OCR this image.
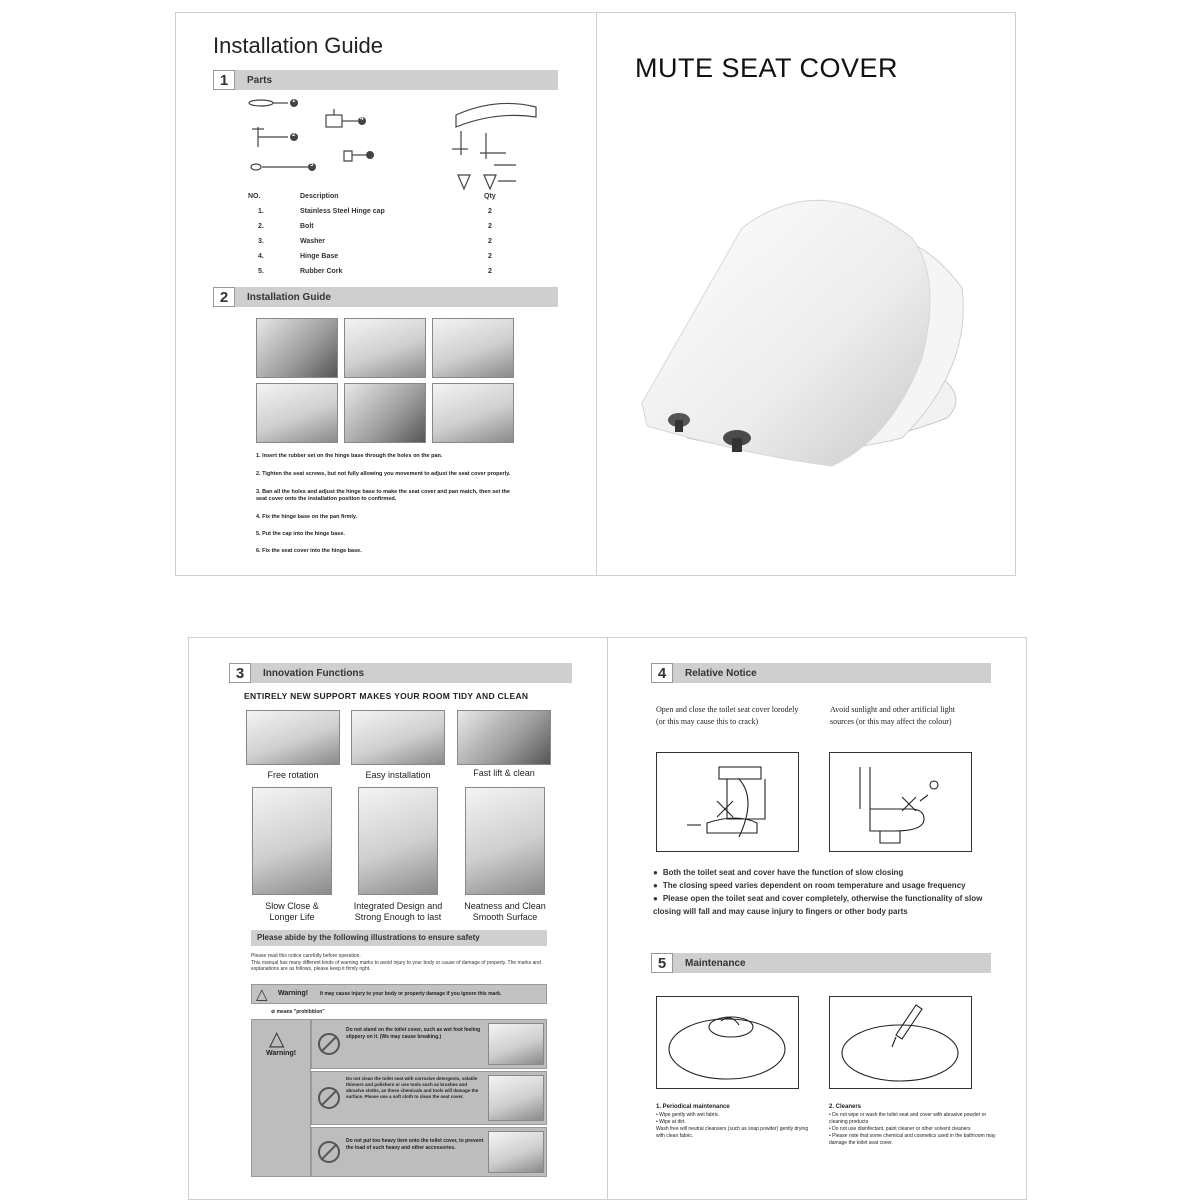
Installation Guide
1	Parts
1
2
3
4
5
NO.	Description	Qty
1.	Stainless Steel Hinge cap	2
2.	Bolt	2
3.	Washer	2
4.	Hinge Base	2
5.	Rubber Cork	2
2	Installation Guide
1. Insert the rubber set on the hinge base through the holes on the pan.
2. Tighten the seat screws, but not fully allowing you movement to adjust the seat cover properly.
3. Ban all the holes and adjust the hinge base to make the seat cover and pan match, then set the seat cover onto the installation position to confirmed.
4. Fix the hinge base on the pan firmly.
5. Put the cap into the hinge base.
6. Fix the seat cover into the hinge base.
MUTE SEAT COVER
3	Innovation Functions
ENTIRELY NEW SUPPORT MAKES YOUR ROOM TIDY AND CLEAN
Free rotation	Easy installation	Fast lift & clean
Slow Close &
Longer Life
Integrated Design and
Strong Enough to last
Neatness and Clean
Smooth Surface
Please abide by the following illustrations to ensure safety
Please read this notice carefully before operation.
This manual has many different kinds of warning marks to avoid injury to your body or cause of damage of property. The marks and explanations are as follows, please keep it firmly right.
△ Warning! It may cause injury to your body or property damage if you ignore this mark.
⊘ means "prohibition"
△
Warning!
Do not stand on the toilet cover, such as wet foot feeling slippery on it. (We may cause breaking.)
Do not clean the toilet seat with corrosive detergents, volatile thinners and polishers or use tools such as brushes and abrasive cloths, as these chemicals and tools will damage the surface. Please use a soft cloth to clean the seat cover.
Do not put too heavy item onto the toilet cover, to prevent the load of such heavy and other accessories.
4	Relative Notice
Open and close the toilet seat cover lorodely
(or this may cause this to crack)
Avoid sunlight and other artificial light
sources (or this may affect the colour)
● Both the toilet seat and cover have the function of slow closing
● The closing speed varies dependent on room temperature and usage frequency
● Please open the toilet seat and cover completely, otherwise the functionality of slow closing will fall and may cause injury to fingers or other body parts
5	Maintenance
1. Periodical maintenance
• Wipe gently with wet fabric.
• Wipe at dirt.
Wash free will neutral cleansers (such as soap powder) gently drying with clean fabric.
2. Cleaners
• Do not wipe or wash the toilet seat and cover with abrasive powder or cleaning products
• Do not use disinfectant, paint cleaner or other solvent cleaners
• Please note that some chemical and cosmetics used in the bathroom may damage the toilet seat cover.
